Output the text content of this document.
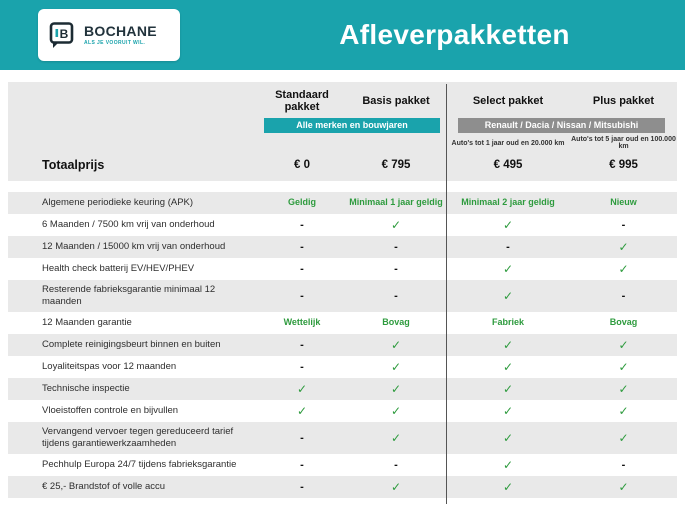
B BOCHANE
ALS JE VOORUIT WIL.	Afleverpakketten
Standaard pakket
Basis pakket	Select pakket	Plus pakket
Alle merken en bouwjaren	Renault / Dacia / Nissan / Mitsubishi
Auto's tot 1 jaar oud en 20.000 km Auto's tot 5 jaar oud en 100.000 km
Totaalprijs	€ 0	€ 795	€ 495	€ 995
Algemene periodieke keuring (APK)	Geldig	Minimaal 1 jaar geldig	Minimaal 2 jaar geldig	Nieuw
6 Maanden / 7500 km vrij van onderhoud	-	✓	✓	-
12 Maanden / 15000 km vrij van onderhoud	-	-	-	✓
Health check batterij EV/HEV/PHEV	-	-	✓	✓
Resterende fabrieksgarantie minimaal 12 maanden	-	-	✓	-
12 Maanden garantie	Wettelijk	Bovag	Fabriek	Bovag
Complete reinigingsbeurt binnen en buiten	-	✓	✓	✓
Loyaliteitspas voor 12 maanden	-	✓	✓	✓
Technische inspectie	✓	✓	✓	✓
Vloeistoffen controle en bijvullen	✓	✓	✓	✓
Vervangend vervoer tegen gereduceerd tarief tijdens garantiewerkzaamheden	-	✓	✓	✓
Pechhulp Europa 24/7 tijdens fabrieksgarantie	-	-	✓	-
€ 25,- Brandstof of volle accu	-	✓	✓	✓
